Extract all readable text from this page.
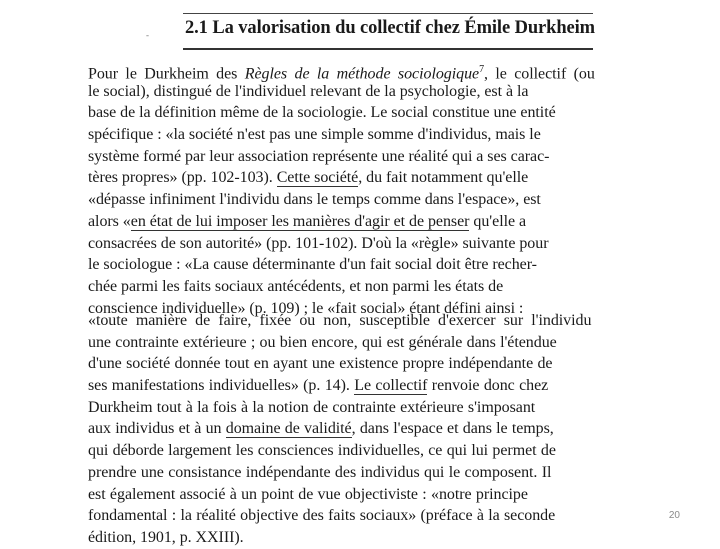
2.1 La valorisation du collectif chez Émile Durkheim
-
Pour le Durkheim des Règles de la méthode sociologique$^7$, le collectif (ou
le social), distingué de l'individuel relevant de la psychologie, est à la
base de la définition même de la sociologie. Le social constitue une entité
spécifique : «la société n'est pas une simple somme d'individus, mais le
système formé par leur association représente une réalité qui a ses carac-
tères propres» (pp. 102-103). Cette société, du fait notamment qu'elle
«dépasse infiniment l'individu dans le temps comme dans l'espace», est
alors «en état de lui imposer les manières d'agir et de penser qu'elle a
consacrées de son autorité» (pp. 101-102). D'où la «règle» suivante pour
le sociologue : «La cause déterminante d'un fait social doit être recher-
chée parmi les faits sociaux antécédents, et non parmi les états de
conscience individuelle» (p. 109) ; le «fait social» étant défini ainsi :
«toute manière de faire, fixée ou non, susceptible d'exercer sur l'individu
une contrainte extérieure ; ou bien encore, qui est générale dans l'étendue
d'une société donnée tout en ayant une existence propre indépendante de
ses manifestations individuelles» (p. 14). Le collectif renvoie donc chez
Durkheim tout à la fois à la notion de contrainte extérieure s'imposant
aux individus et à un domaine de validité, dans l'espace et dans le temps,
qui déborde largement les consciences individuelles, ce qui lui permet de
prendre une consistance indépendante des individus qui le composent. Il
est également associé à un point de vue objectiviste : «notre principe
fondamental : la réalité objective des faits sociaux» (préface à la seconde
édition, 1901, p. XXIII).
20
